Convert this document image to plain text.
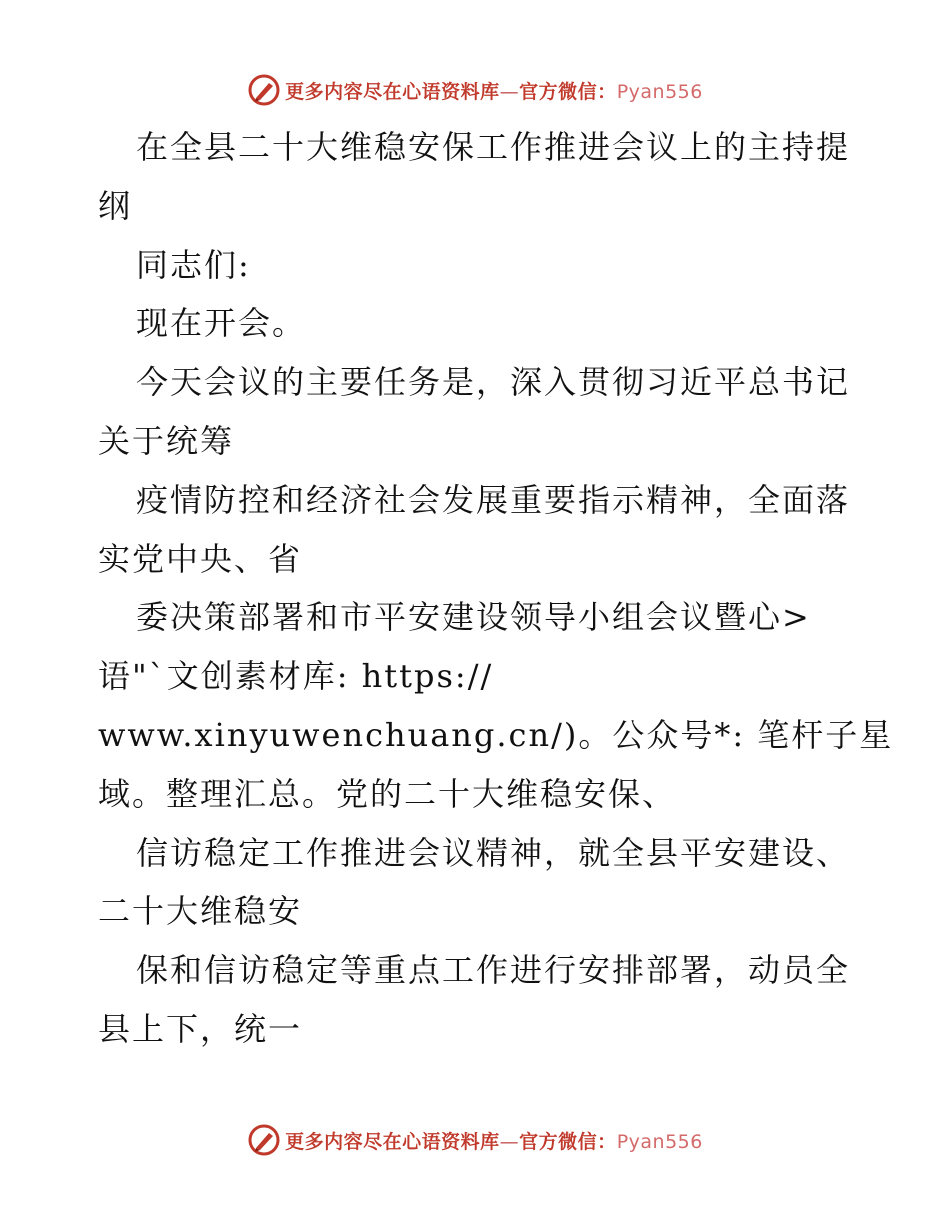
更多内容尽在心语资料库—官方微信：Pyan556
在全县二十大维稳安保工作推进会议上的主持提
纲
同志们:
现在开会。
今天会议的主要任务是，深入贯彻习近平总书记
关于统筹
疫情防控和经济社会发展重要指示精神，全面落
实党中央、省
委决策部署和市平安建设领导小组会议暨心>
语"`文创素材库: https://
www.xinyuwenchuang.cn/)。公众号*: 笔杆子星
域。整理汇总。党的二十大维稳安保、
信访稳定工作推进会议精神，就全县平安建设、
二十大维稳安
保和信访稳定等重点工作进行安排部署，动员全
县上下，统一
更多内容尽在心语资料库—官方微信：Pyan556
